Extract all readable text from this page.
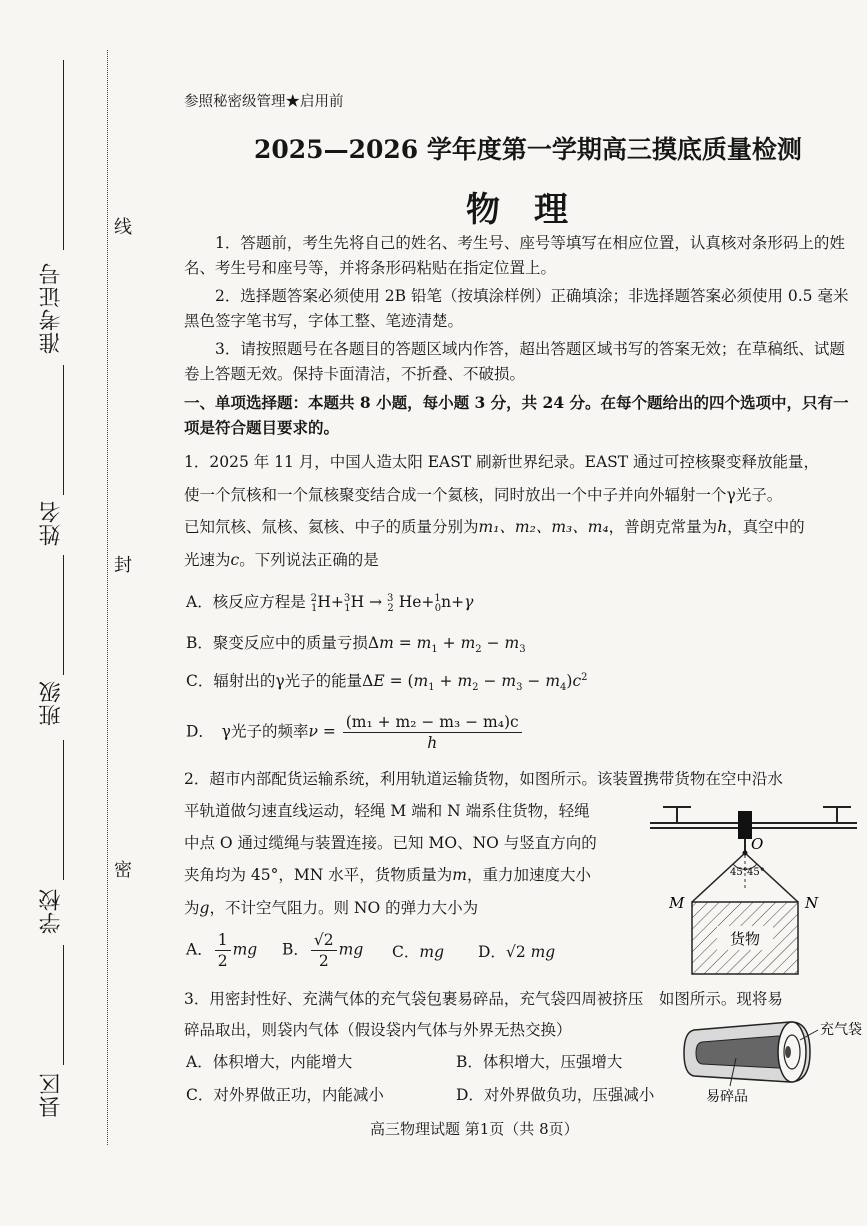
准考证号
姓名
班级
学校
县区
线
封
密
参照秘密级管理★启用前
2025—2026 学年度第一学期高三摸底质量检测
物　理
1．答题前，考生先将自己的姓名、考生号、座号等填写在相应位置，认真核对条形码上的姓名、考生号和座号等，并将条形码粘贴在指定位置上。
2．选择题答案必须使用 2B 铅笔（按填涂样例）正确填涂；非选择题答案必须使用 0.5 毫米黑色签字笔书写，字体工整、笔迹清楚。
3．请按照题号在各题目的答题区域内作答，超出答题区域书写的答案无效；在草稿纸、试题卷上答题无效。保持卡面清洁，不折叠、不破损。
一、单项选择题：本题共 8 小题，每小题 3 分，共 24 分。在每个题给出的四个选项中，只有一项是符合题目要求的。
1．2025 年 11 月，中国人造太阳 EAST 刷新世界纪录。EAST 通过可控核聚变释放能量，
使一个氘核和一个氚核聚变结合成一个氦核，同时放出一个中子并向外辐射一个γ光子。
已知氘核、氚核、氦核、中子的质量分别为m₁、m₂、m₃、m₄，普朗克常量为h，真空中的
光速为c。下列说法正确的是
A．核反应方程是 $^2_1$H+$^3_1$H → $^3_2$ He+$^1_0$n+γ
B．聚变反应中的质量亏损$\Delta m = m_1 + m_2 - m_3$
C．辐射出的γ光子的能量$\Delta E = (m_1 + m_2 - m_3 - m_4)c^2$
D．　γ光子的频率$\nu = \frac{\text{(m₁ + m₂ − m₃ − m₄)c}}{h}$
2．超市内部配货运输系统，利用轨道运输货物，如图所示。该装置携带货物在空中沿水
平轨道做匀速直线运动，轻绳 M 端和 N 端系住货物，轻绳
中点 O 通过缆绳与装置连接。已知 MO、NO 与竖直方向的
夹角均为 45°，MN 水平，货物质量为m，重力加速度大小
为g，不计空气阻力。则 NO 的弹力大小为
A． $\frac{1}{2}$ mg B． $\frac{√2}{2}$ mg C．mg D．√2 mg
O
45° 45°
M	N
货物
3．用密封性好、充满气体的充气袋包裹易碎品，充气袋四周被挤压　如图所示。现将易
碎品取出，则袋内气体（假设袋内气体与外界无热交换）
A．体积增大，内能增大	B．体积增大，压强增大
C．对外界做正功，内能减小	D．对外界做负功，压强减小
充气袋
易碎品
高三物理试题 第1页（共 8页）
